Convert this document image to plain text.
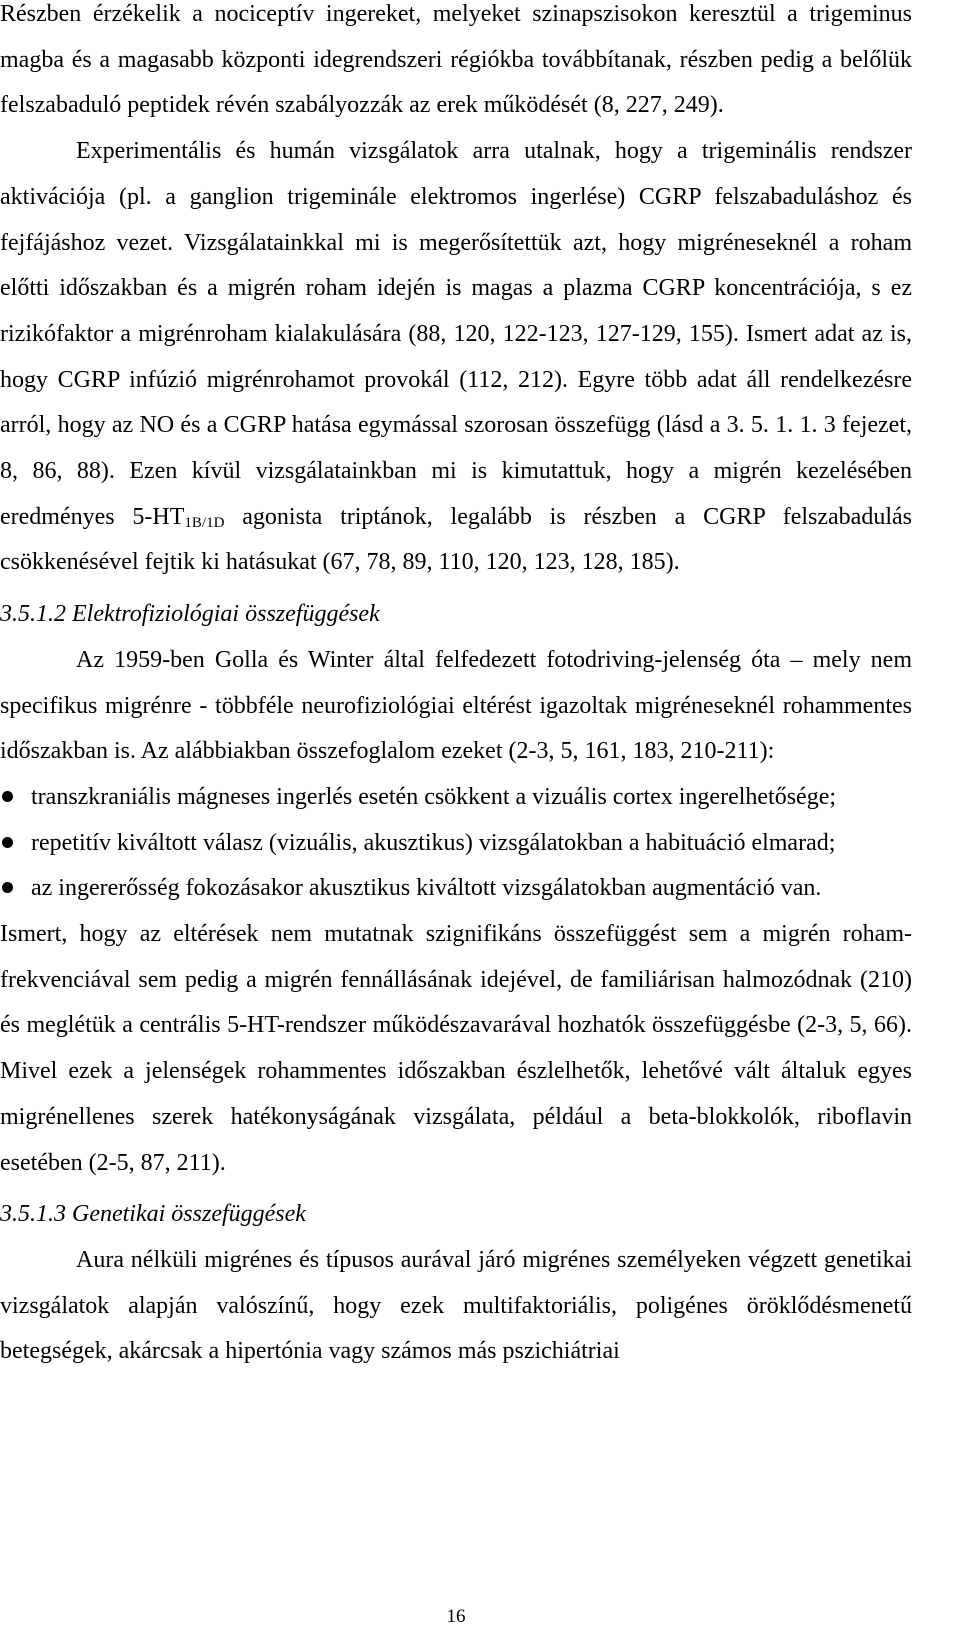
Részben érzékelik a nociceptív ingereket, melyeket szinapszisokon keresztül a trigeminus magba és a magasabb központi idegrendszeri régiókba továbbítanak, részben pedig a belőlük felszabaduló peptidek révén szabályozzák az erek működését (8, 227, 249).

Experimentális és humán vizsgálatok arra utalnak, hogy a trigeminális rendszer aktivációja (pl. a ganglion trigeminále elektromos ingerlése) CGRP felszabaduláshoz és fejfájáshoz vezet. Vizsgálatainkkal mi is megerősítettük azt, hogy migréneseknél a roham előtti időszakban és a migrén roham idején is magas a plazma CGRP koncentrációja, s ez rizikófaktor a migrénroham kialakulására (88, 120, 122-123, 127-129, 155). Ismert adat az is, hogy CGRP infúzió migrénrohamot provokál (112, 212). Egyre több adat áll rendelkezésre arról, hogy az NO és a CGRP hatása egymással szorosan összefügg (lásd a 3. 5. 1. 1. 3 fejezet, 8, 86, 88). Ezen kívül vizsgálatainkban mi is kimutattuk, hogy a migrén kezelésében eredményes $5-HT_{1B/1D}$ agonista triptánok, legalább is részben a CGRP felszabadulás csökkenésével fejtik ki hatásukat (67, 78, 89, 110, 120, 123, 128, 185).

3.5.1.2 Elektrofiziológiai összefüggések

Az 1959-ben Golla és Winter által felfedezett fotodriving-jelenség óta – mely nem specifikus migrénre - többféle neurofiziológiai eltérést igazoltak migréneseknél rohammentes időszakban is. Az alábbiakban összefoglalom ezeket (2-3, 5, 161, 183, 210-211):

transzkraniális mágneses ingerlés esetén csökkent a vizuális cortex ingerelhetősége;
repetitív kiváltott válasz (vizuális, akusztikus) vizsgálatokban a habituáció elmarad;
az ingererősség fokozásakor akusztikus kiváltott vizsgálatokban augmentáció van.

Ismert, hogy az eltérések nem mutatnak szignifikáns összefüggést sem a migrén roham-frekvenciával sem pedig a migrén fennállásának idejével, de familiárisan halmozódnak (210) és meglétük a centrális 5-HT-rendszer működészavarával hozhatók összefüggésbe (2-3, 5, 66). Mivel ezek a jelenségek rohammentes időszakban észlelhetők, lehetővé vált általuk egyes migrénellenes szerek hatékonyságának vizsgálata, például a beta-blokkolók, riboflavin esetében (2-5, 87, 211).

3.5.1.3 Genetikai összefüggések

Aura nélküli migrénes és típusos aurával járó migrénes személyeken végzett genetikai vizsgálatok alapján valószínű, hogy ezek multifaktoriális, poligénes öröklődésmenetű betegségek, akárcsak a hipertónia vagy számos más pszichiátriai

16
